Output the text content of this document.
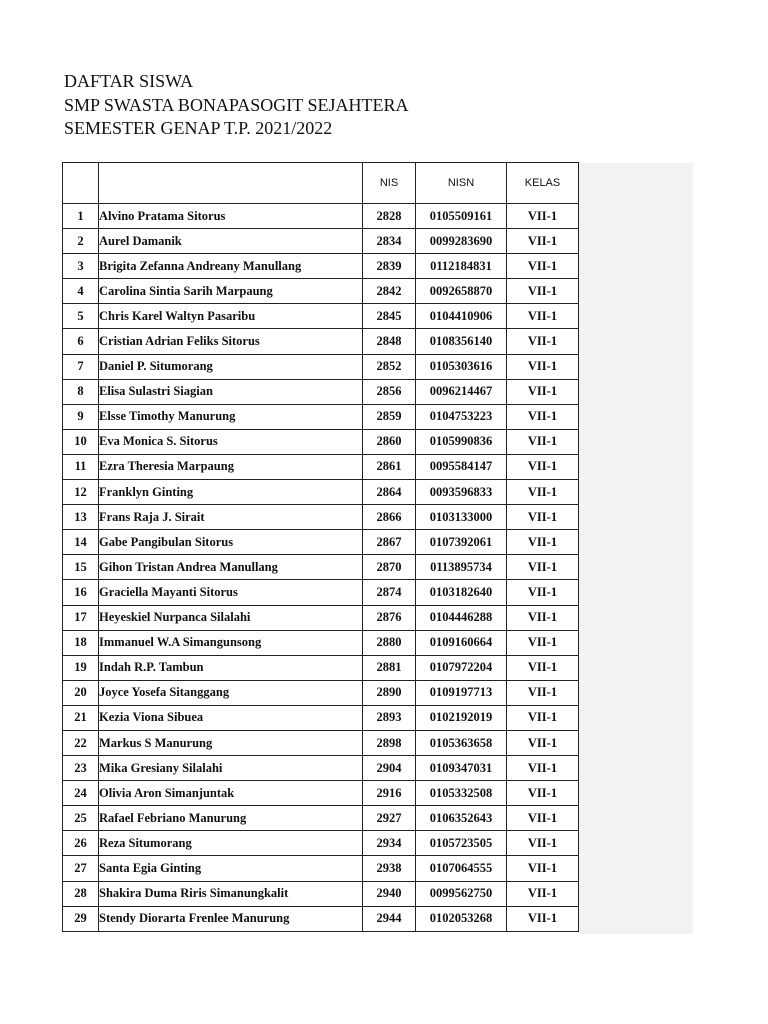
DAFTAR SISWA
SMP SWASTA BONAPASOGIT SEJAHTERA
SEMESTER GENAP T.P. 2021/2022
		NIS	NISN	KELAS
1	Alvino Pratama Sitorus	2828	0105509161	VII-1
2	Aurel Damanik	2834	0099283690	VII-1
3	Brigita Zefanna Andreany Manullang	2839	0112184831	VII-1
4	Carolina Sintia Sarih Marpaung	2842	0092658870	VII-1
5	Chris Karel Waltyn Pasaribu	2845	0104410906	VII-1
6	Cristian Adrian Feliks Sitorus	2848	0108356140	VII-1
7	Daniel P. Situmorang	2852	0105303616	VII-1
8	Elisa Sulastri Siagian	2856	0096214467	VII-1
9	Elsse Timothy Manurung	2859	0104753223	VII-1
10	Eva Monica S. Sitorus	2860	0105990836	VII-1
11	Ezra Theresia Marpaung	2861	0095584147	VII-1
12	Franklyn Ginting	2864	0093596833	VII-1
13	Frans Raja J. Sirait	2866	0103133000	VII-1
14	Gabe Pangibulan Sitorus	2867	0107392061	VII-1
15	Gihon Tristan Andrea Manullang	2870	0113895734	VII-1
16	Graciella Mayanti Sitorus	2874	0103182640	VII-1
17	Heyeskiel Nurpanca Silalahi	2876	0104446288	VII-1
18	Immanuel W.A Simangunsong	2880	0109160664	VII-1
19	Indah R.P. Tambun	2881	0107972204	VII-1
20	Joyce Yosefa Sitanggang	2890	0109197713	VII-1
21	Kezia Viona Sibuea	2893	0102192019	VII-1
22	Markus S Manurung	2898	0105363658	VII-1
23	Mika Gresiany Silalahi	2904	0109347031	VII-1
24	Olivia Aron Simanjuntak	2916	0105332508	VII-1
25	Rafael Febriano Manurung	2927	0106352643	VII-1
26	Reza Situmorang	2934	0105723505	VII-1
27	Santa Egia Ginting	2938	0107064555	VII-1
28	Shakira Duma Riris Simanungkalit	2940	0099562750	VII-1
29	Stendy Diorarta Frenlee Manurung	2944	0102053268	VII-1
